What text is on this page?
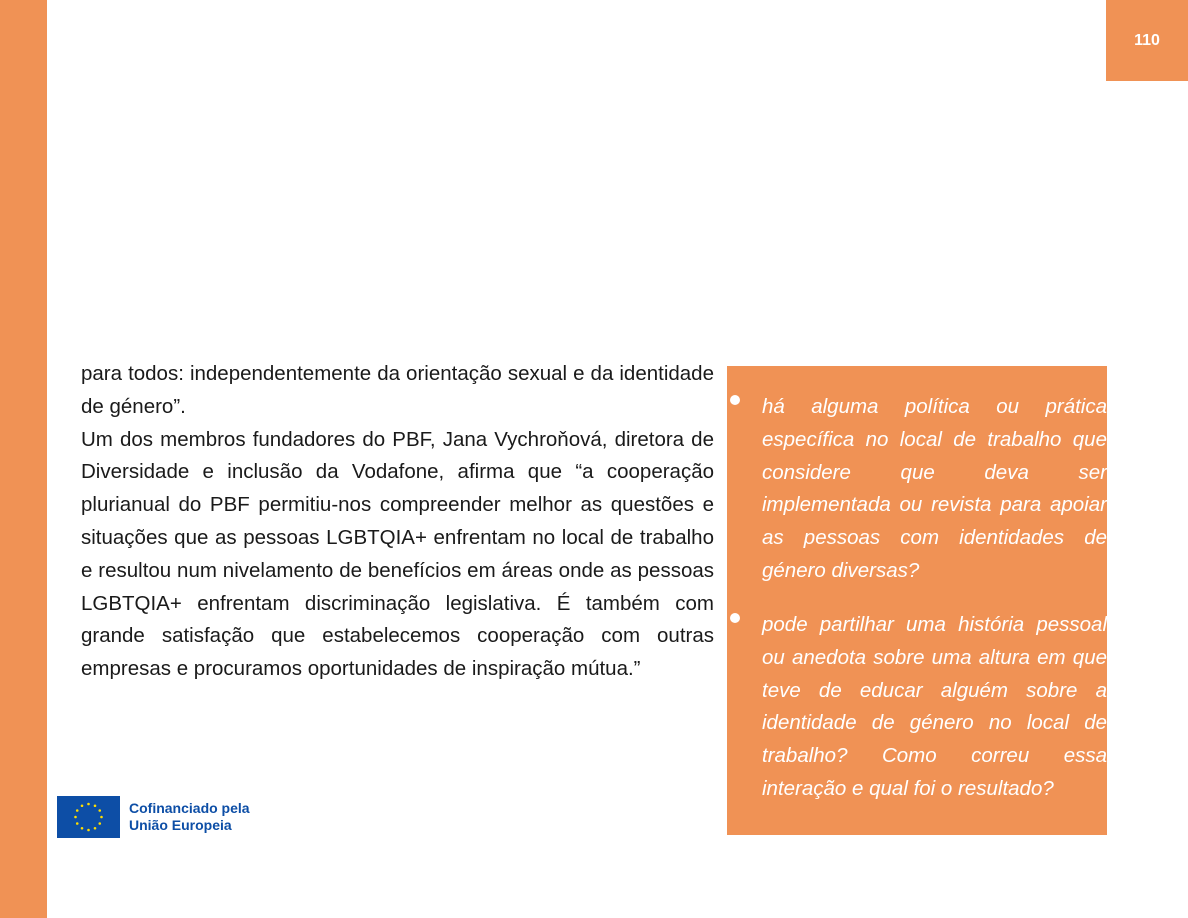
110

para todos: independentemente da orientação sexual e da identidade de género”.

Um dos membros fundadores do PBF, Jana Vychroňová, diretora de Diversidade e inclusão da Vodafone, afirma que “a cooperação plurianual do PBF permitiu-nos compreender melhor as questões e situações que as pessoas LGBTQIA+ enfrentam no local de trabalho e resultou num nivelamento de benefícios em áreas onde as pessoas LGBTQIA+ enfrentam discriminação legislativa. É também com grande satisfação que estabelecemos cooperação com outras empresas e procuramos oportunidades de inspiração mútua.”

há alguma política ou prática específica no local de trabalho que considere que deva ser implementada ou revista para apoiar as pessoas com identidades de género diversas?
pode partilhar uma história pessoal ou anedota sobre uma altura em que teve de educar alguém sobre a identidade de género no local de trabalho? Como correu essa interação e qual foi o resultado?
Cofinanciado pela
União Europeia
